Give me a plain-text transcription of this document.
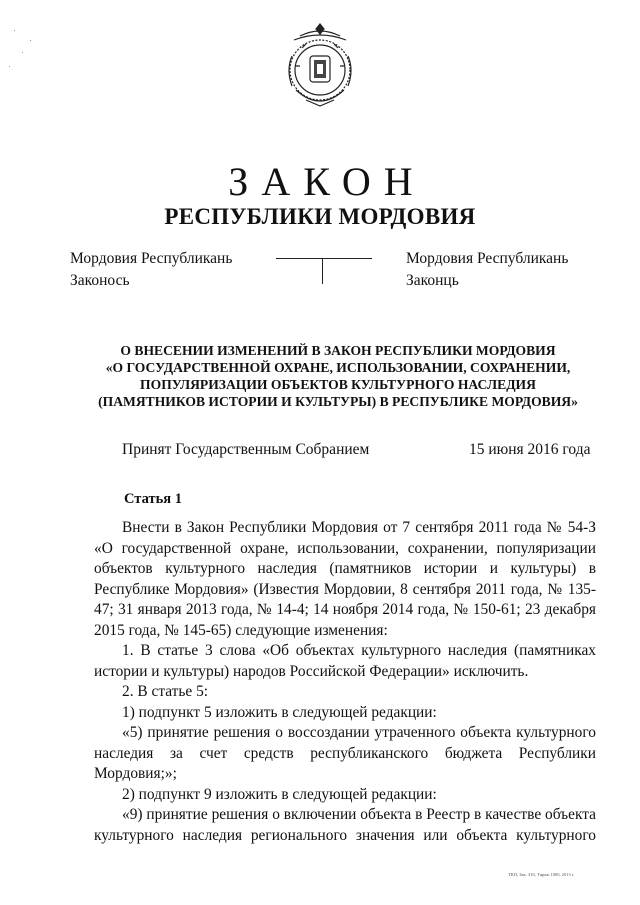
ЗАКОН
РЕСПУБЛИКИ МОРДОВИЯ
Мордовия Республикань
Законось
Мордовия Республикань
Законць
О ВНЕСЕНИИ ИЗМЕНЕНИЙ В ЗАКОН РЕСПУБЛИКИ МОРДОВИЯ
«О ГОСУДАРСТВЕННОЙ ОХРАНЕ, ИСПОЛЬЗОВАНИИ, СОХРАНЕНИИ,
ПОПУЛЯРИЗАЦИИ ОБЪЕКТОВ КУЛЬТУРНОГО НАСЛЕДИЯ
(ПАМЯТНИКОВ ИСТОРИИ И КУЛЬТУРЫ) В РЕСПУБЛИКЕ МОРДОВИЯ»
Принят Государственным Собранием	15 июня 2016 года
Статья 1

Внести в Закон Республики Мордовия от 7 сентября 2011 года № 54-З

«О государственной охране, использовании, сохранении, популяризации

объектов культурного наследия (памятников истории и культуры) в

Республике Мордовия» (Известия Мордовии, 8 сентября 2011 года, № 135-

47; 31 января 2013 года, № 14-4; 14 ноября 2014 года, № 150-61; 23 декабря

2015 года, № 145-65) следующие изменения:

1. В статье 3 слова «Об объектах культурного наследия (памятниках

истории и культуры) народов Российской Федерации» исключить.

2. В статье 5:

1) подпункт 5 изложить в следующей редакции:

«5) принятие решения о воссоздании утраченного объекта культурного

наследия за счет средств республиканского бюджета Республики

Мордовия;»;

2) подпункт 9 изложить в следующей редакции:

«9) принятие решения о включении объекта в Реестр в качестве объекта

культурного наследия регионального значения или объекта культурного

ТКП, Зак. 310, Тираж 1000, 2013 г.
